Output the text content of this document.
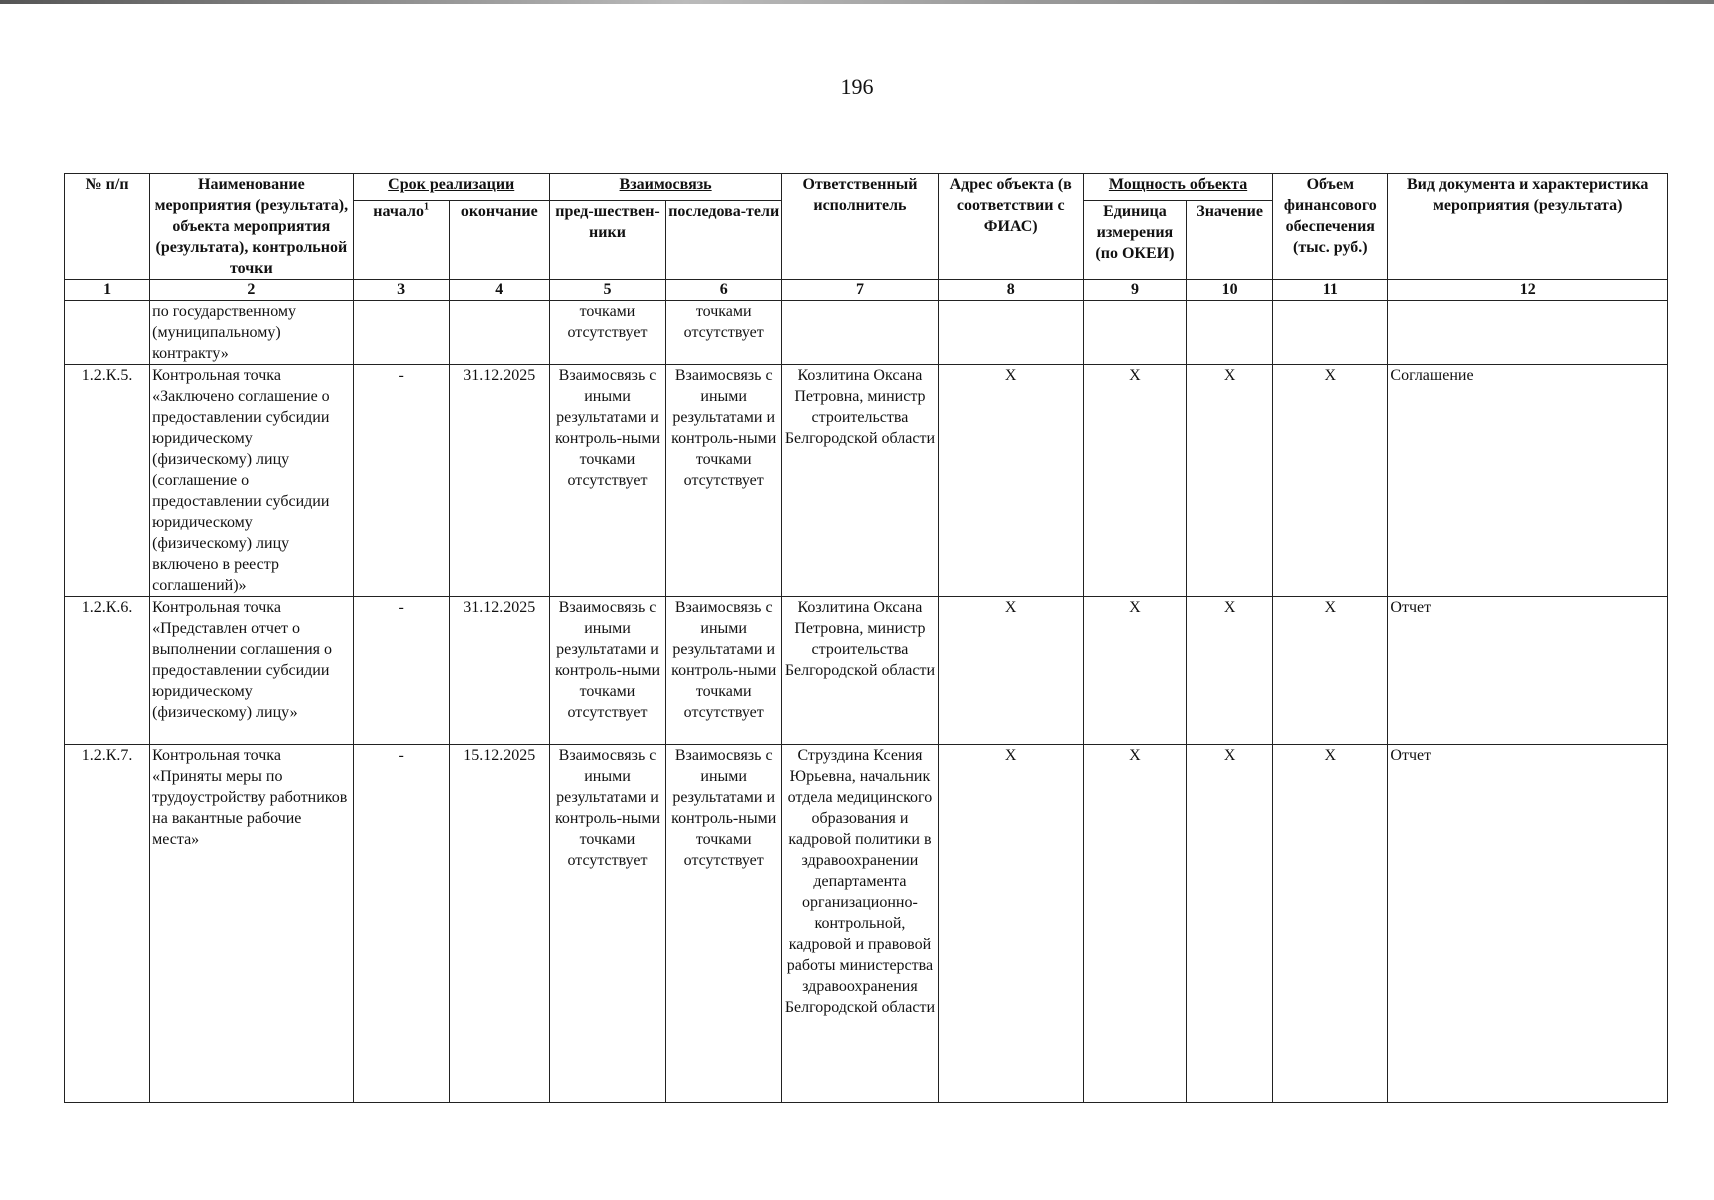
196
№ п/п	Наименование мероприятия (результата), объекта мероприятия (результата), контрольной точки	Срок реализации		Взаимосвязь		Ответственный исполнитель	Адрес объекта (в соответствии с ФИАС)	Мощность объекта		Объем финансового обеспечения (тыс. руб.)	Вид документа и характеристика мероприятия (результата)
		начало$^1$	окончание	пред-шествен-ники	последова-тели			Единица измерения (по ОКЕИ)	Значение		
1	2	3	4	5	6	7	8	9	10	11	12
	по государственному (муниципальному) контракту»			точками отсутствует	точками отсутствует						
1.2.К.5.	Контрольная точка «Заключено соглашение о предоставлении субсидии юридическому (физическому) лицу (соглашение о предоставлении субсидии юридическому (физическому) лицу включено в реестр соглашений)»	-	31.12.2025	Взаимосвязь с иными результатами и контроль-ными точками отсутствует	Взаимосвязь с иными результатами и контроль-ными точками отсутствует	Козлитина Оксана Петровна, министр строительства Белгородской области	X	X	X	X	Соглашение
1.2.К.6.	Контрольная точка «Представлен отчет о выполнении соглашения о предоставлении субсидии юридическому (физическому) лицу»	-	31.12.2025	Взаимосвязь с иными результатами и контроль-ными точками отсутствует	Взаимосвязь с иными результатами и контроль-ными точками отсутствует	Козлитина Оксана Петровна, министр строительства Белгородской области	X	X	X	X	Отчет
1.2.К.7.	Контрольная точка «Приняты меры по трудоустройству работников на вакантные рабочие места»	-	15.12.2025	Взаимосвязь с иными результатами и контроль-ными точками отсутствует	Взаимосвязь с иными результатами и контроль-ными точками отсутствует	Струздина Ксения Юрьевна, начальник отдела медицинского образования и кадровой политики в здравоохранении департамента организационно-контрольной, кадровой и правовой работы министерства здравоохранения Белгородской области	X	X	X	X	Отчет
